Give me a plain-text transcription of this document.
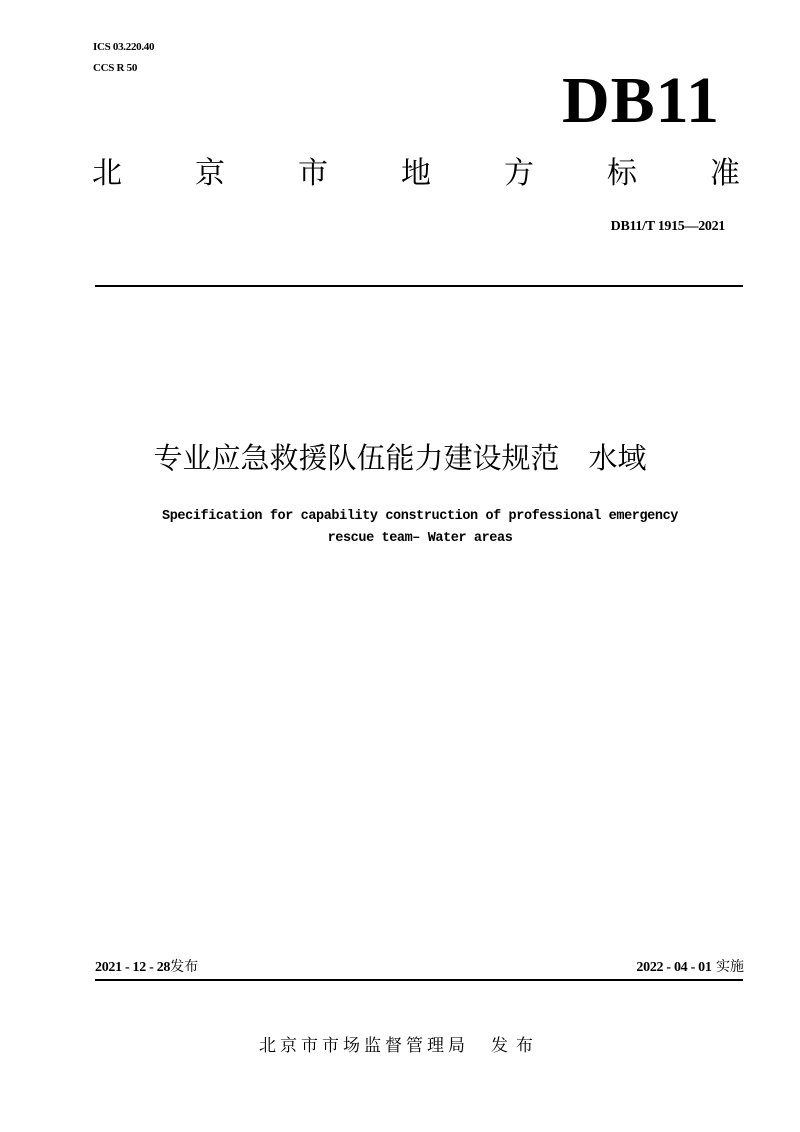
ICS 03.220.40
CCS R 50	DB11
北 京 市 地 方 标 准
DB11/T 1915—2021
专业应急救援队伍能力建设规范　水域
Specification for capability construction of professional emergency
rescue team– Water areas
2021 - 12 - 28发布	2022 - 04 - 01 实施
北京市市场监督管理局 发布
